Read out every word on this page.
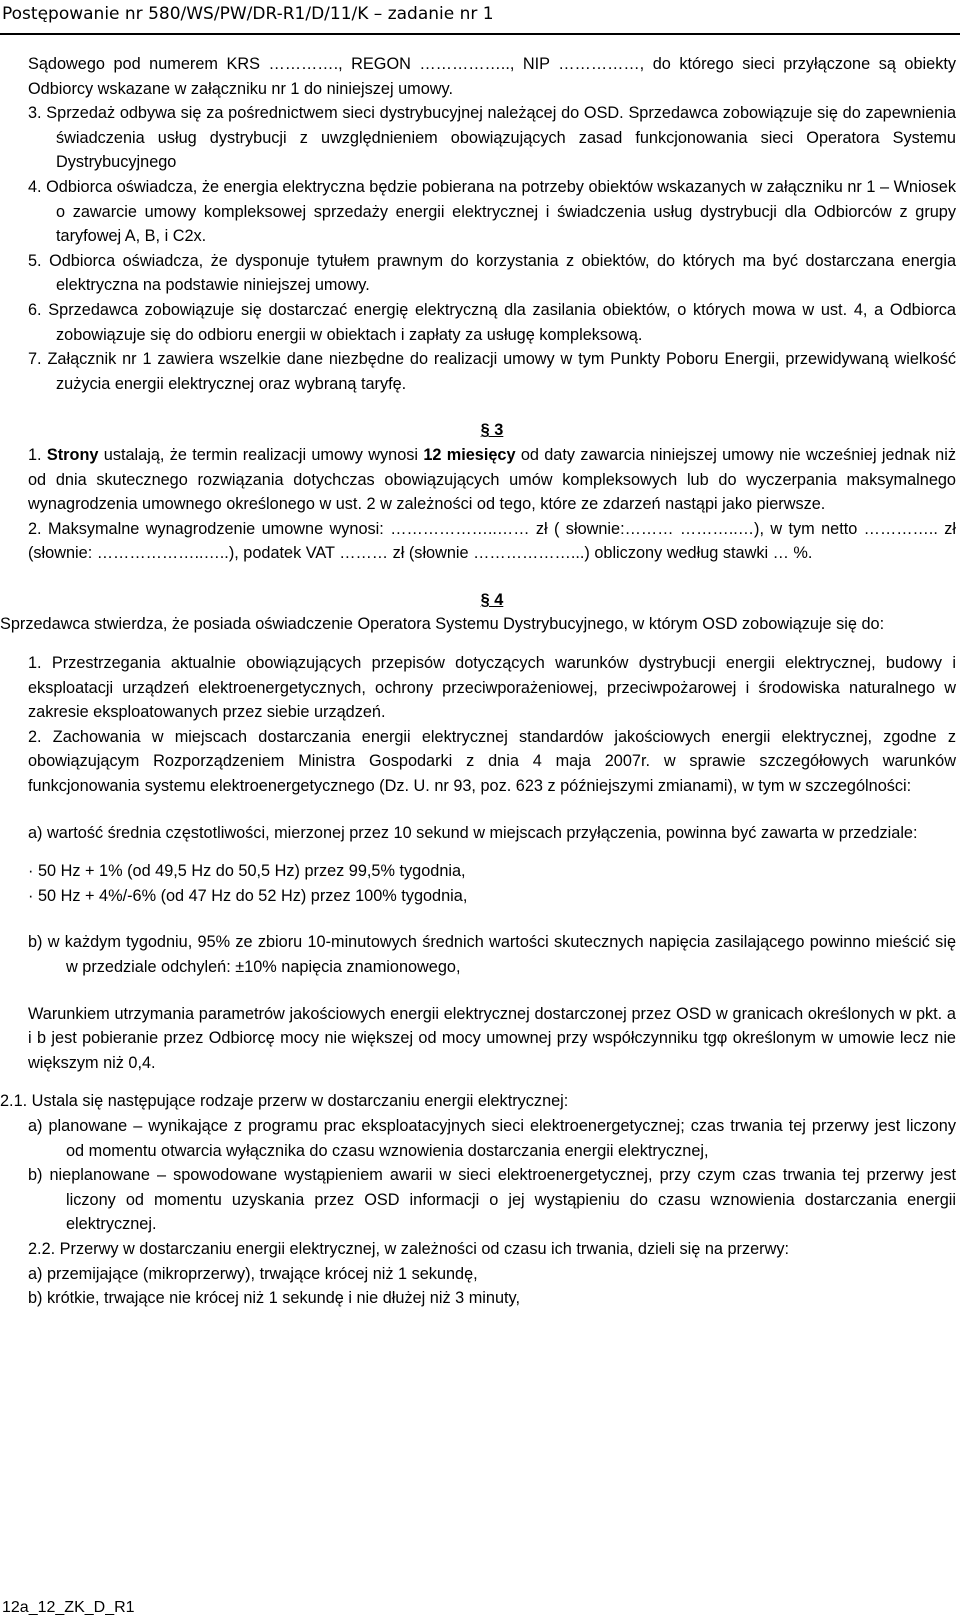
Postępowanie nr 580/WS/PW/DR-R1/D/11/K – zadanie nr 1

Sądowego pod numerem KRS …………., REGON …………….., NIP ……………, do którego sieci przyłączone są obiekty Odbiorcy wskazane w załączniku nr 1 do niniejszej umowy.

3. Sprzedaż odbywa się za pośrednictwem sieci dystrybucyjnej należącej do OSD. Sprzedawca zobowiązuje się do zapewnienia świadczenia usług dystrybucji z uwzględnieniem obowiązujących zasad funkcjonowania sieci Operatora Systemu Dystrybucyjnego

4. Odbiorca oświadcza, że energia elektryczna będzie pobierana na potrzeby obiektów wskazanych w załączniku nr 1 – Wniosek o zawarcie umowy kompleksowej sprzedaży energii elektrycznej i świadczenia usług dystrybucji dla Odbiorców z grupy taryfowej A, B, i C2x.

5. Odbiorca oświadcza, że dysponuje tytułem prawnym do korzystania z obiektów, do których ma być dostarczana energia elektryczna na podstawie niniejszej umowy.

6. Sprzedawca zobowiązuje się dostarczać energię elektryczną dla zasilania obiektów, o których mowa w ust. 4, a Odbiorca zobowiązuje się do odbioru energii w obiektach i zapłaty za usługę kompleksową.

7. Załącznik nr 1 zawiera wszelkie dane niezbędne do realizacji umowy w tym Punkty Poboru Energii, przewidywaną wielkość zużycia energii elektrycznej oraz wybraną taryfę.

§ 3

1. Strony ustalają, że termin realizacji umowy wynosi 12 miesięcy od daty zawarcia niniejszej umowy nie wcześniej jednak niż od dnia skutecznego rozwiązania dotychczas obowiązujących umów kompleksowych lub do wyczerpania maksymalnego wynagrodzenia umownego określonego w ust. 2 w zależności od tego, które ze zdarzeń nastąpi jako pierwsze.

2. Maksymalne wynagrodzenie umowne wynosi: ………………..…… zł ( słownie:……… ………..…), w tym netto ………….. zł (słownie: ………………..…..), podatek VAT ……… zł (słownie ………………...) obliczony według stawki … %.

§ 4

Sprzedawca stwierdza, że posiada oświadczenie Operatora Systemu Dystrybucyjnego, w którym OSD zobowiązuje się do:

1. Przestrzegania aktualnie obowiązujących przepisów dotyczących warunków dystrybucji energii elektrycznej, budowy i eksploatacji urządzeń elektroenergetycznych, ochrony przeciwporażeniowej, przeciwpożarowej i środowiska naturalnego w zakresie eksploatowanych przez siebie urządzeń.

2. Zachowania w miejscach dostarczania energii elektrycznej standardów jakościowych energii elektrycznej, zgodne z obowiązującym Rozporządzeniem Ministra Gospodarki z dnia 4 maja 2007r. w sprawie szczegółowych warunków funkcjonowania systemu elektroenergetycznego (Dz. U. nr 93, poz. 623 z późniejszymi zmianami), w tym w szczególności:

a) wartość średnia częstotliwości, mierzonej przez 10 sekund w miejscach przyłączenia, powinna być zawarta w przedziale:

· 50 Hz + 1% (od 49,5 Hz do 50,5 Hz) przez 99,5% tygodnia,

· 50 Hz + 4%/-6% (od 47 Hz do 52 Hz) przez 100% tygodnia,

b) w każdym tygodniu, 95% ze zbioru 10-minutowych średnich wartości skutecznych napięcia zasilającego powinno mieścić się w przedziale odchyleń: ±10% napięcia znamionowego,

Warunkiem utrzymania parametrów jakościowych energii elektrycznej dostarczonej przez OSD w granicach określonych w pkt. a i b jest pobieranie przez Odbiorcę mocy nie większej od mocy umownej przy współczynniku tgφ określonym w umowie lecz nie większym niż 0,4.

2.1. Ustala się następujące rodzaje przerw w dostarczaniu energii elektrycznej:

a) planowane – wynikające z programu prac eksploatacyjnych sieci elektroenergetycznej; czas trwania tej przerwy jest liczony od momentu otwarcia wyłącznika do czasu wznowienia dostarczania energii elektrycznej,

b) nieplanowane – spowodowane wystąpieniem awarii w sieci elektroenergetycznej, przy czym czas trwania tej przerwy jest liczony od momentu uzyskania przez OSD informacji o jej wystąpieniu do czasu wznowienia dostarczania energii elektrycznej.

2.2. Przerwy w dostarczaniu energii elektrycznej, w zależności od czasu ich trwania, dzieli się na przerwy:

a) przemijające (mikroprzerwy), trwające krócej niż 1 sekundę,

b) krótkie, trwające nie krócej niż 1 sekundę i nie dłużej niż 3 minuty,

12a_12_ZK_D_R1
